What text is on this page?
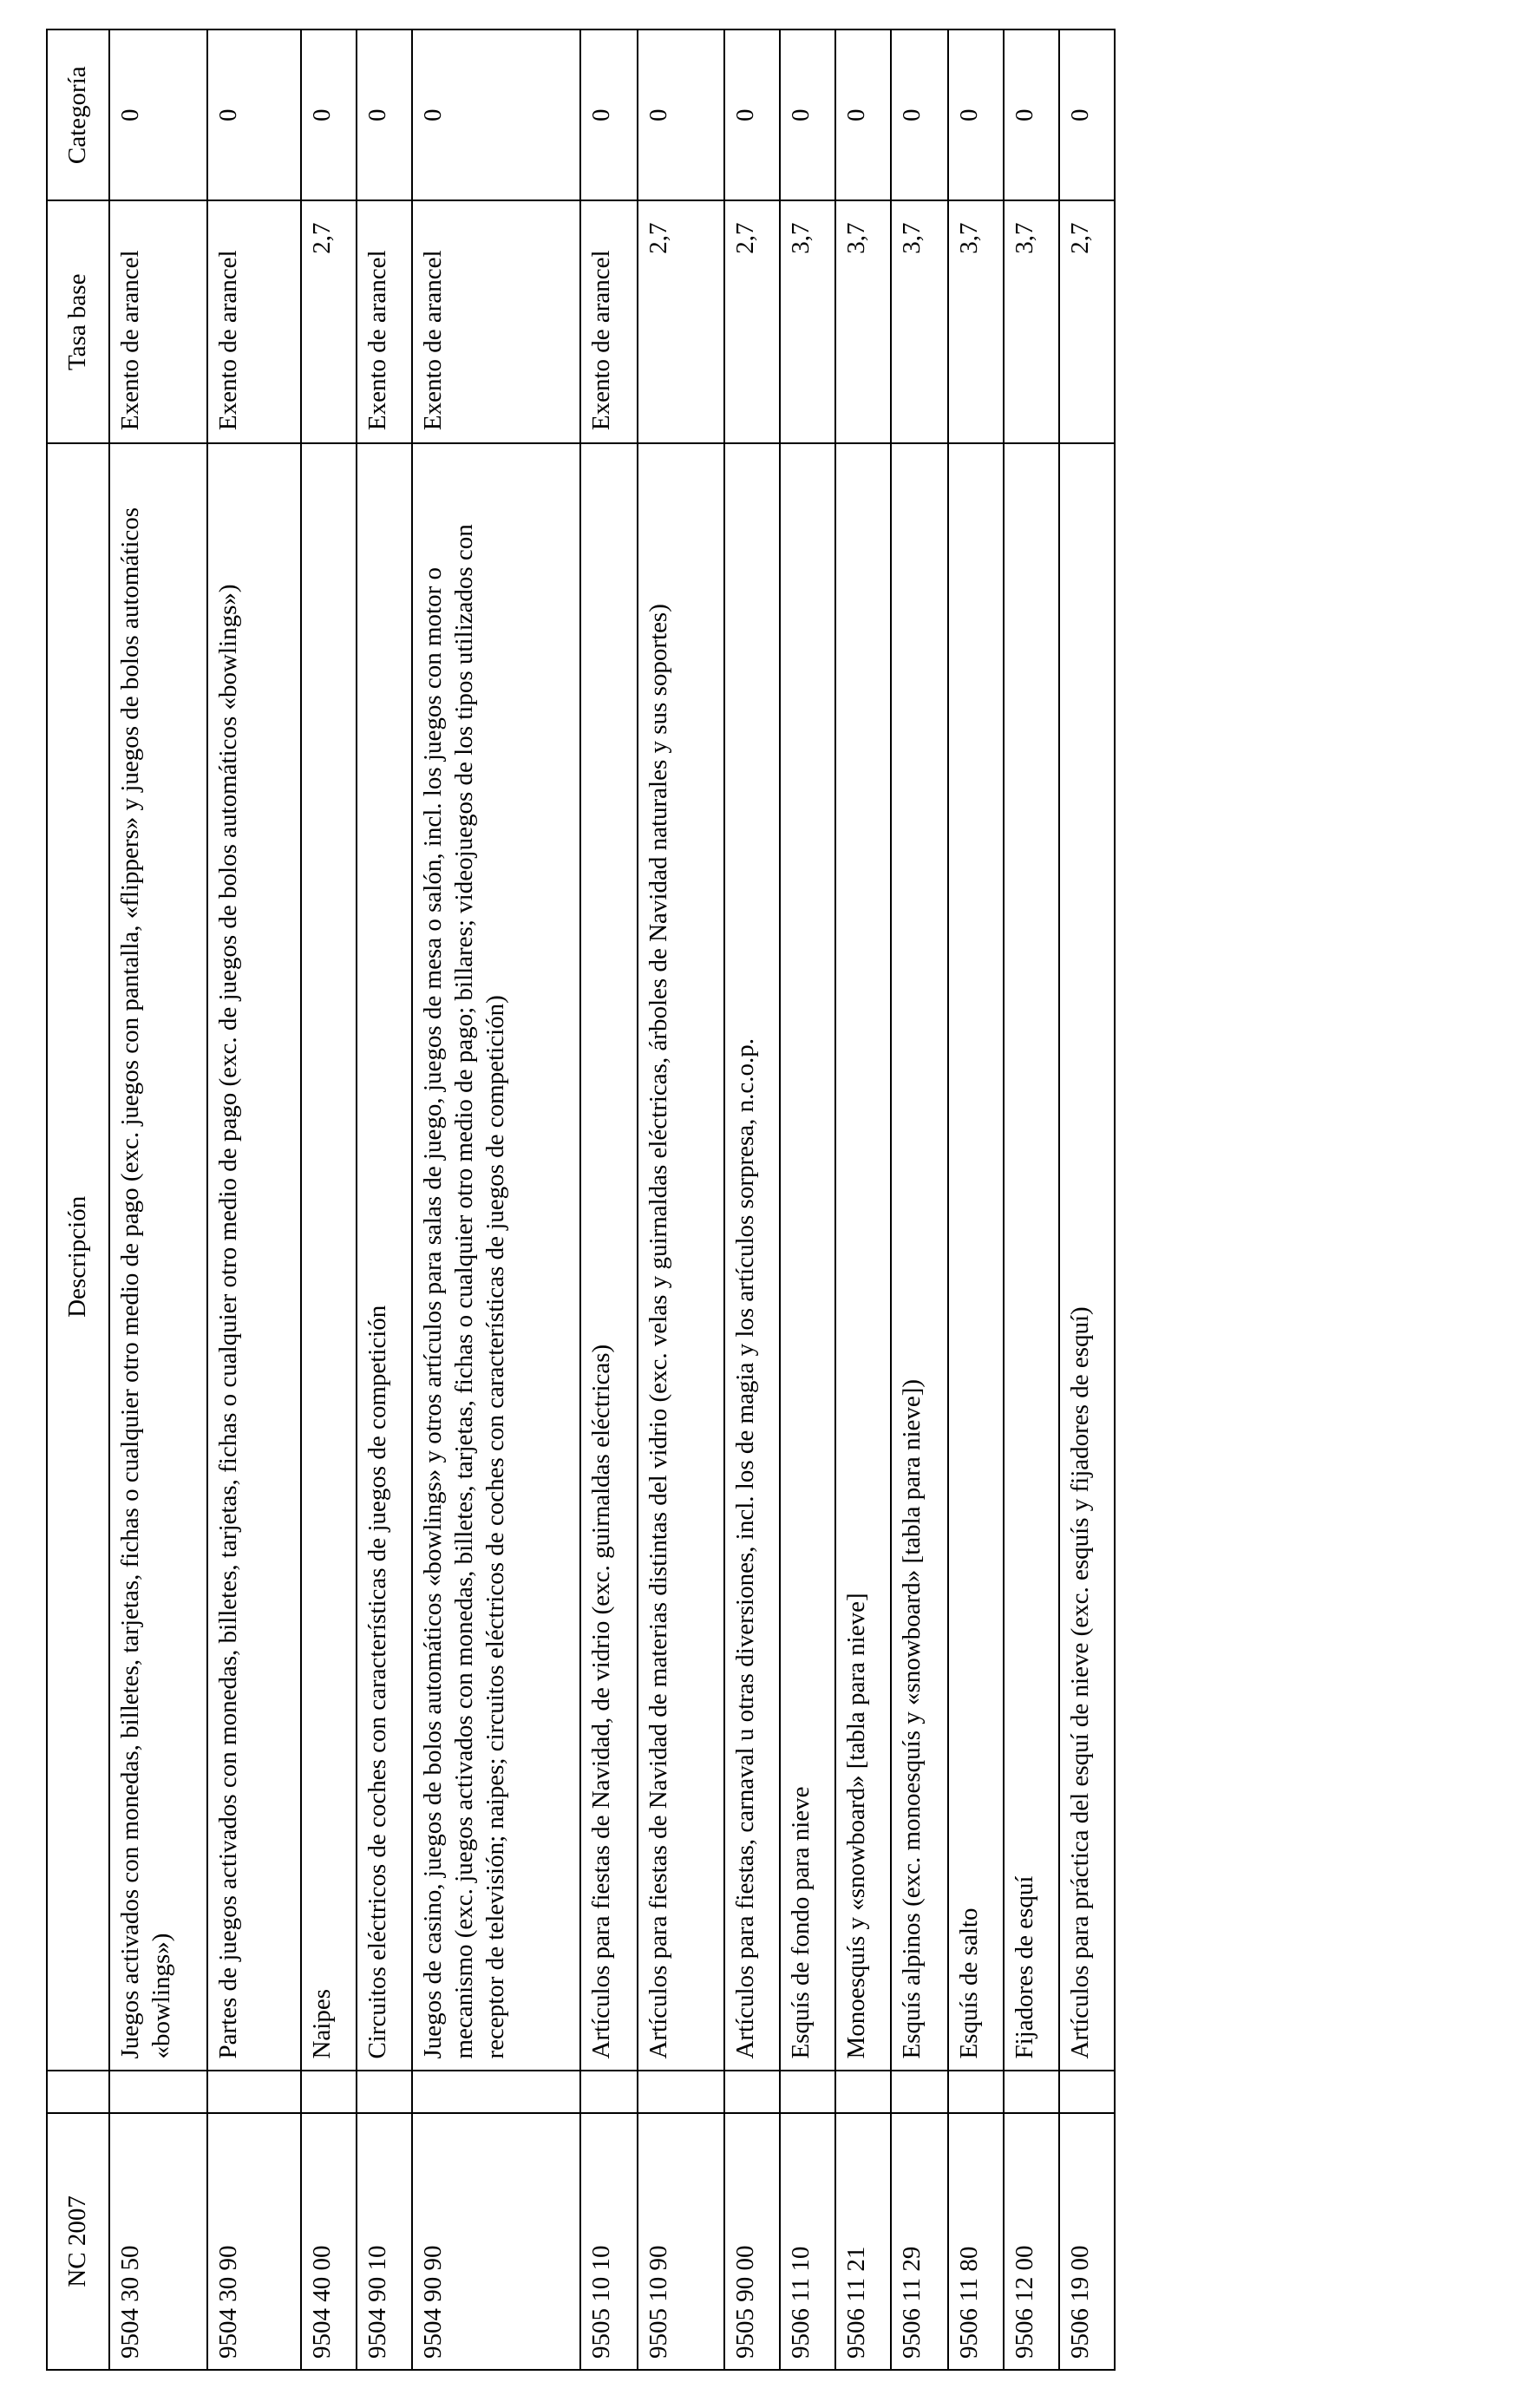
NC 2007		Descripción	Tasa base	Categoría
9504 30 50		Juegos activados con monedas, billetes, tarjetas, fichas o cualquier otro medio de pago (exc. juegos con pantalla, «flippers» y juegos de bolos automáticos «bowlings»)	Exento de arancel	0
9504 30 90		Partes de juegos activados con monedas, billetes, tarjetas, fichas o cualquier otro medio de pago (exc. de juegos de bolos automáticos «bowlings»)	Exento de arancel	0
9504 40 00		Naipes	2,7	0
9504 90 10		Circuitos eléctricos de coches con características de juegos de competición	Exento de arancel	0
9504 90 90		Juegos de casino, juegos de bolos automáticos «bowlings» y otros artículos para salas de juego, juegos de mesa o salón, incl. los juegos con motor o mecanismo (exc. juegos activados con monedas, billetes, tarjetas, fichas o cualquier otro medio de pago; billares; videojuegos de los tipos utilizados con receptor de televisión; naipes; circuitos eléctricos de coches con características de juegos de competición)	Exento de arancel	0
9505 10 10		Artículos para fiestas de Navidad, de vidrio (exc. guirnaldas eléctricas)	Exento de arancel	0
9505 10 90		Artículos para fiestas de Navidad de materias distintas del vidrio (exc. velas y guirnaldas eléctricas, árboles de Navidad naturales y sus soportes)	2,7	0
9505 90 00		Artículos para fiestas, carnaval u otras diversiones, incl. los de magia y los artículos sorpresa, n.c.o.p.	2,7	0
9506 11 10		Esquís de fondo para nieve	3,7	0
9506 11 21		Monoesquís y «snowboard» [tabla para nieve]	3,7	0
9506 11 29		Esquís alpinos (exc. monoesquís y «snowboard» [tabla para nieve])	3,7	0
9506 11 80		Esquís de salto	3,7	0
9506 12 00		Fijadores de esquí	3,7	0
9506 19 00		Artículos para práctica del esquí de nieve (exc. esquís y fijadores de esquí)	2,7	0
